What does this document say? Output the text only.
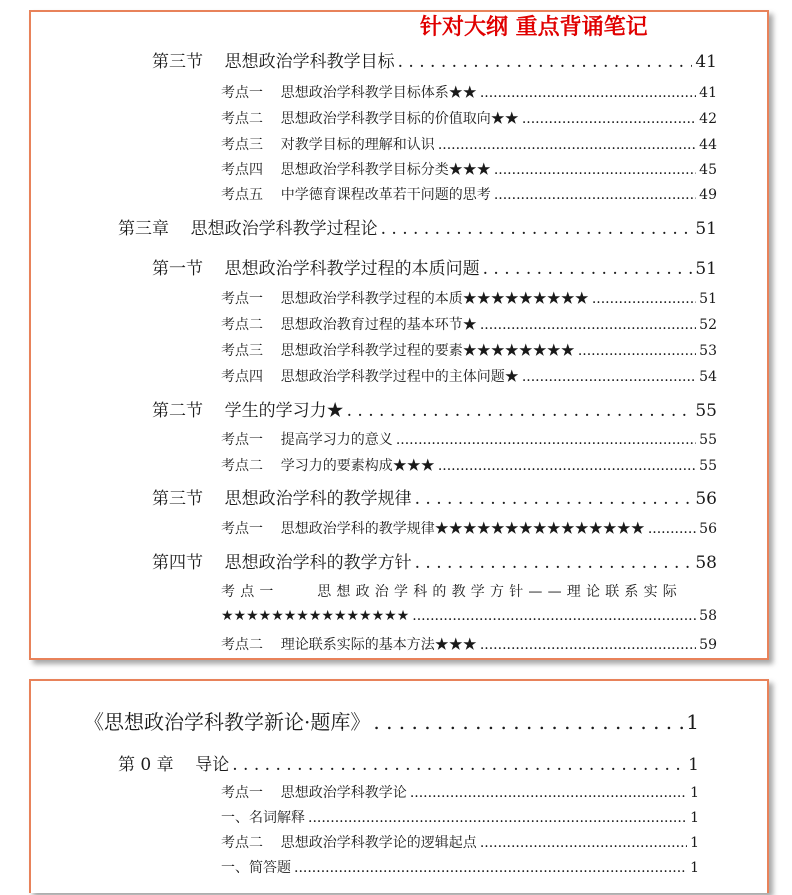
第三节    思想政治学科教学目标 . . .	41
考点一    思想政治学科教学目标体系★★ .....	41
考点二    思想政治学科教学目标的价值取向★★ .....	42
考点三    对教学目标的理解和认识 .....	44
考点四    思想政治学科教学目标分类★★★ .....	45
考点五    中学德育课程改革若干问题的思考 .....	49
第三章    思想政治学科教学过程论 . . .	51
第一节    思想政治学科教学过程的本质问题 . . .	51
考点一    思想政治学科教学过程的本质★★★★★★★★★ .....	51
考点二    思想政治教育过程的基本环节★ .....	52
考点三    思想政治学科教学过程的要素★★★★★★★★ .....	53
考点四    思想政治学科教学过程中的主体问题★ .....	54
第二节    学生的学习力★ . . .	55
考点一    提高学习力的意义 .....	55
考点二    学习力的要素构成★★★ .....	55
第三节    思想政治学科的教学规律 . . .	56
考点一    思想政治学科的教学规律★★★★★★★★★★★★★★★ .....	56
第四节    思想政治学科的教学方针 . . .	58
考点一    思想政治学科的教学方针——理论联系实际
★★★★★★★★★★★★★★★ .....	58
考点二    理论联系实际的基本方法★★★ .....	59
《思想政治学科教学新论·题库》 . . .	1
第 0 章    导论 . . .	1
考点一    思想政治学科教学论 .....	1
一、名词解释 .....	1
考点二    思想政治学科教学论的逻辑起点 .....	1
一、简答题 .....	1
针对大纲 重点背诵笔记
